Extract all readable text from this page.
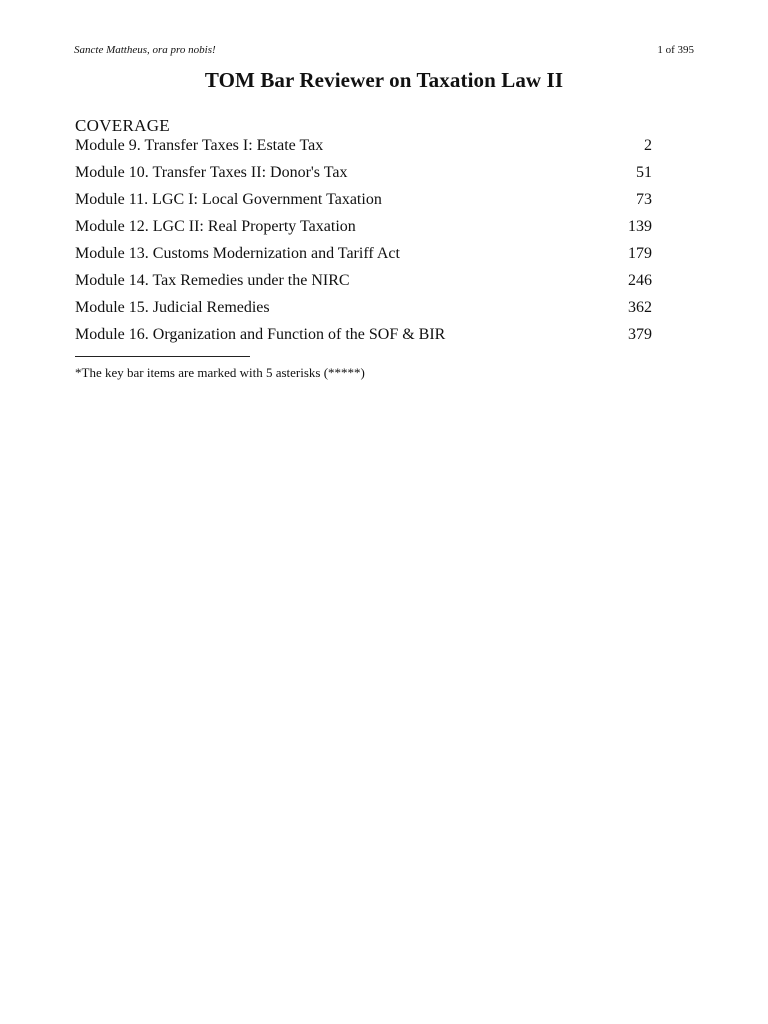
Sancte Mattheus, ora pro nobis!	1 of 395
TOM Bar Reviewer on Taxation Law II
COVERAGE
Module 9. Transfer Taxes I: Estate Tax	2
Module 10. Transfer Taxes II: Donor's Tax	51
Module 11. LGC I: Local Government Taxation	73
Module 12. LGC II: Real Property Taxation	139
Module 13. Customs Modernization and Tariff Act	179
Module 14. Tax Remedies under the NIRC	246
Module 15. Judicial Remedies	362
Module 16. Organization and Function of the SOF & BIR	379
*The key bar items are marked with 5 asterisks (*****)
